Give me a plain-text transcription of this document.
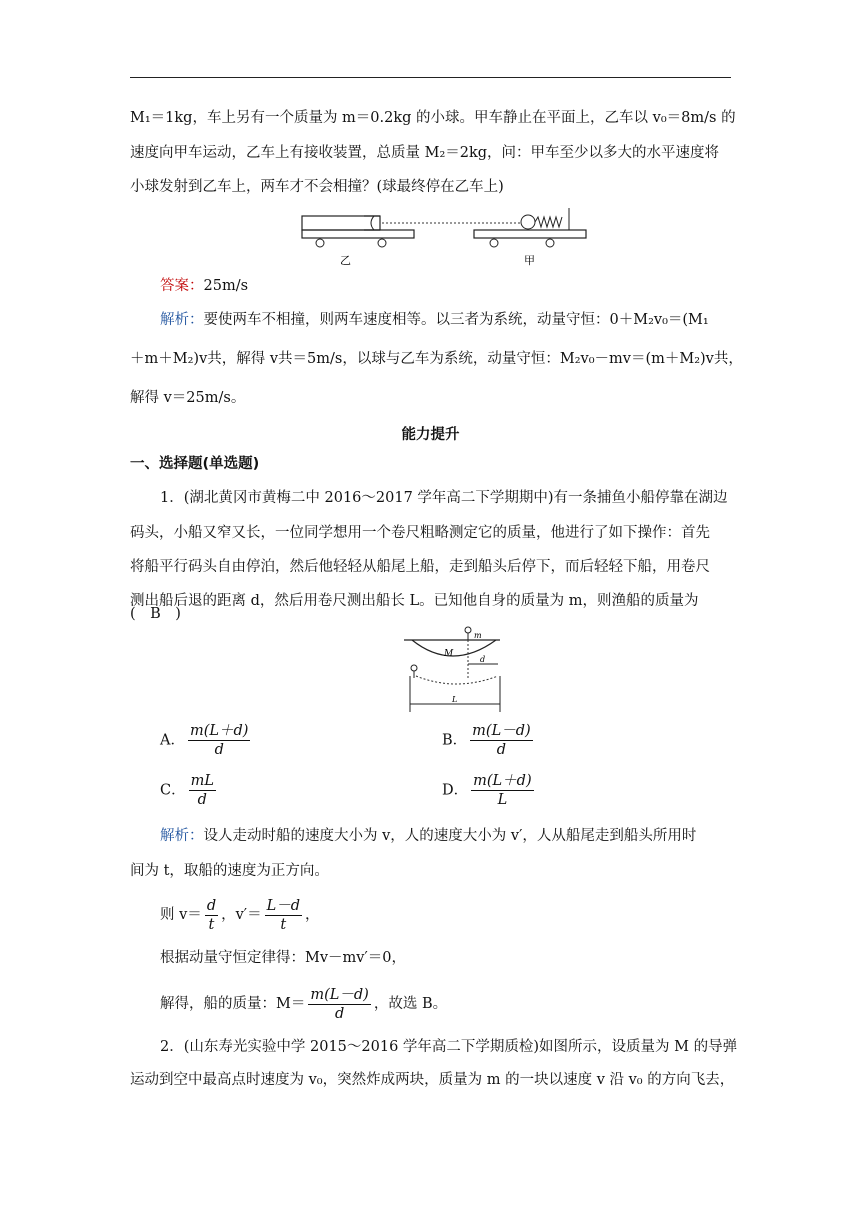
M₁＝1kg，车上另有一个质量为 m＝0.2kg 的小球。甲车静止在平面上，乙车以 v₀＝8m/s 的
速度向甲车运动，乙车上有接收装置，总质量 M₂＝2kg，问：甲车至少以多大的水平速度将
小球发射到乙车上，两车才不会相撞？(球最终停在乙车上)
乙	甲
答案：25m/s
解析：要使两车不相撞，则两车速度相等。以三者为系统，动量守恒：0＋M₂v₀＝(M₁
＋m＋M₂)v共，解得 v共＝5m/s，以球与乙车为系统，动量守恒：M₂v₀－mv＝(m＋M₂)v共，
解得 v＝25m/s。
能力提升
一、选择题(单选题)
1．(湖北黄冈市黄梅二中 2016～2017 学年高二下学期期中)有一条捕鱼小船停靠在湖边
码头，小船又窄又长，一位同学想用一个卷尺粗略测定它的质量，他进行了如下操作：首先
将船平行码头自由停泊，然后他轻轻从船尾上船，走到船头后停下，而后轻轻下船，用卷尺
测出船后退的距离 d，然后用卷尺测出船长 L。已知他自身的质量为 m，则渔船的质量为
(　B　)
M
m
d
L
A． $\frac{m(L+d)}{d}$	B． $\frac{m(L-d)}{d}$
C． $\frac{mL}{d}$	D． $\frac{m(L+d)}{L}$
解析：设人走动时船的速度大小为 v，人的速度大小为 v′，人从船尾走到船头所用时
间为 t，取船的速度为正方向。
则 $v= \frac{d}{t}$ ，$v'= \frac{L-d}{t}$ ，
根据动量守恒定律得：Mv－mv′＝0，
解得，船的质量：$M= \frac{m(L-d)}{d}$ ，故选 B。
2．(山东寿光实验中学 2015～2016 学年高二下学期质检)如图所示，设质量为 M 的导弹
运动到空中最高点时速度为 v₀，突然炸成两块，质量为 m 的一块以速度 v 沿 v₀ 的方向飞去，
